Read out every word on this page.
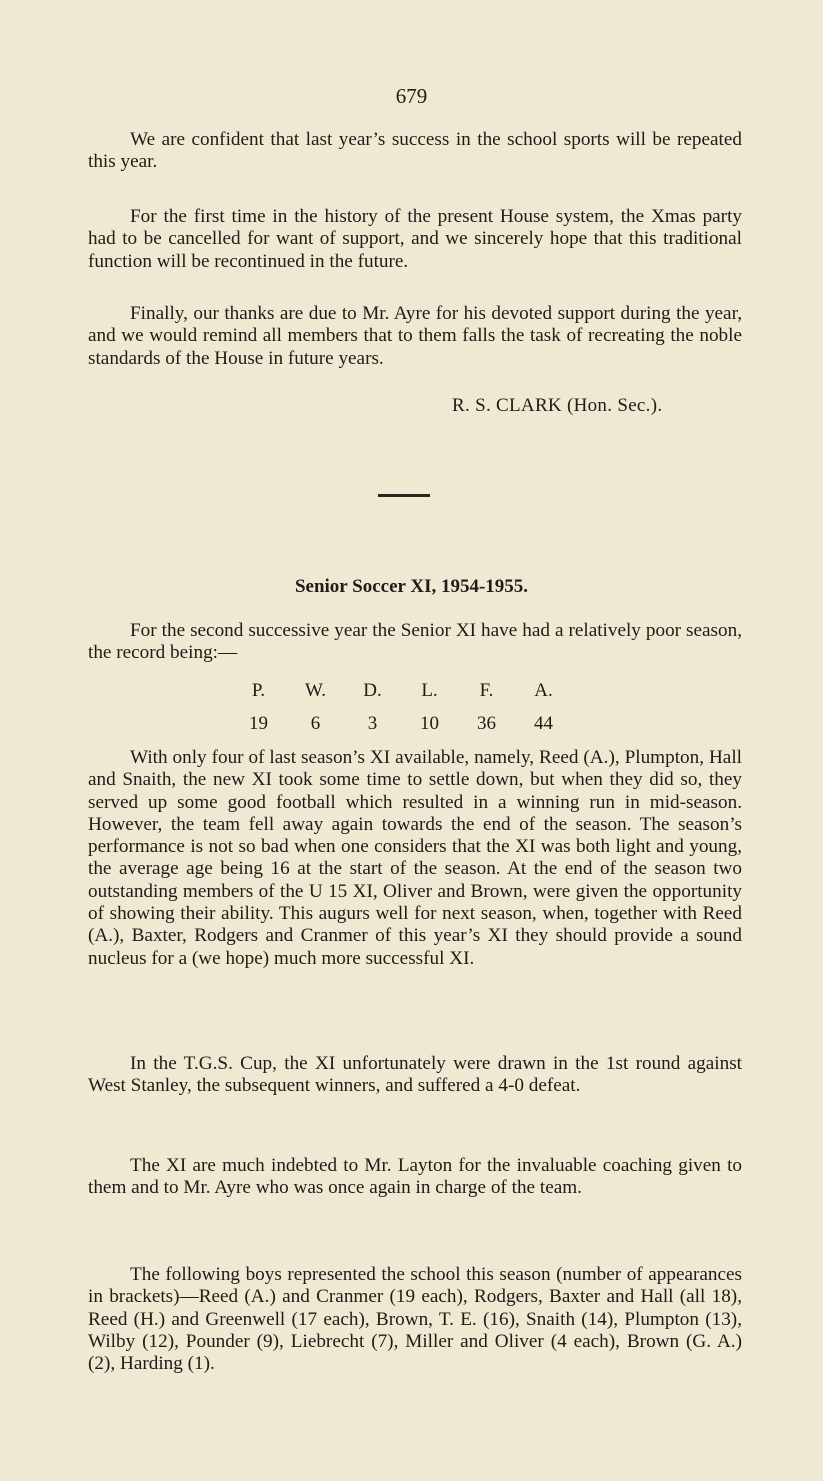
679

We are confident that last year’s success in the school sports will be repeated this year.

For the first time in the history of the present House system, the Xmas party had to be cancelled for want of support, and we sincerely hope that this traditional function will be recontinued in the future.

Finally, our thanks are due to Mr. Ayre for his devoted support during the year, and we would remind all members that to them falls the task of recreating the noble standards of the House in future years.

R. S. CLARK (Hon. Sec.).
Senior Soccer XI, 1954-1955.

For the second successive year the Senior XI have had a relatively poor season, the record being:—

P.	W.	D.	L.	F.	A.
19	6	3	10	36	44

With only four of last season’s XI available, namely, Reed (A.), Plumpton, Hall and Snaith, the new XI took some time to settle down, but when they did so, they served up some good football which resulted in a winning run in mid-season. However, the team fell away again towards the end of the season. The season’s performance is not so bad when one considers that the XI was both light and young, the average age being 16 at the start of the season. At the end of the season two outstanding members of the U 15 XI, Oliver and Brown, were given the opportunity of showing their ability. This augurs well for next season, when, together with Reed (A.), Baxter, Rodgers and Cranmer of this year’s XI they should provide a sound nucleus for a (we hope) much more successful XI.

In the T.G.S. Cup, the XI unfortunately were drawn in the 1st round against West Stanley, the subsequent winners, and suffered a 4-0 defeat.

The XI are much indebted to Mr. Layton for the invaluable coaching given to them and to Mr. Ayre who was once again in charge of the team.

The following boys represented the school this season (number of appearances in brackets)—Reed (A.) and Cranmer (19 each), Rodgers, Baxter and Hall (all 18), Reed (H.) and Greenwell (17 each), Brown, T. E. (16), Snaith (14), Plumpton (13), Wilby (12), Pounder (9), Liebrecht (7), Miller and Oliver (4 each), Brown (G. A.) (2), Harding (1).
